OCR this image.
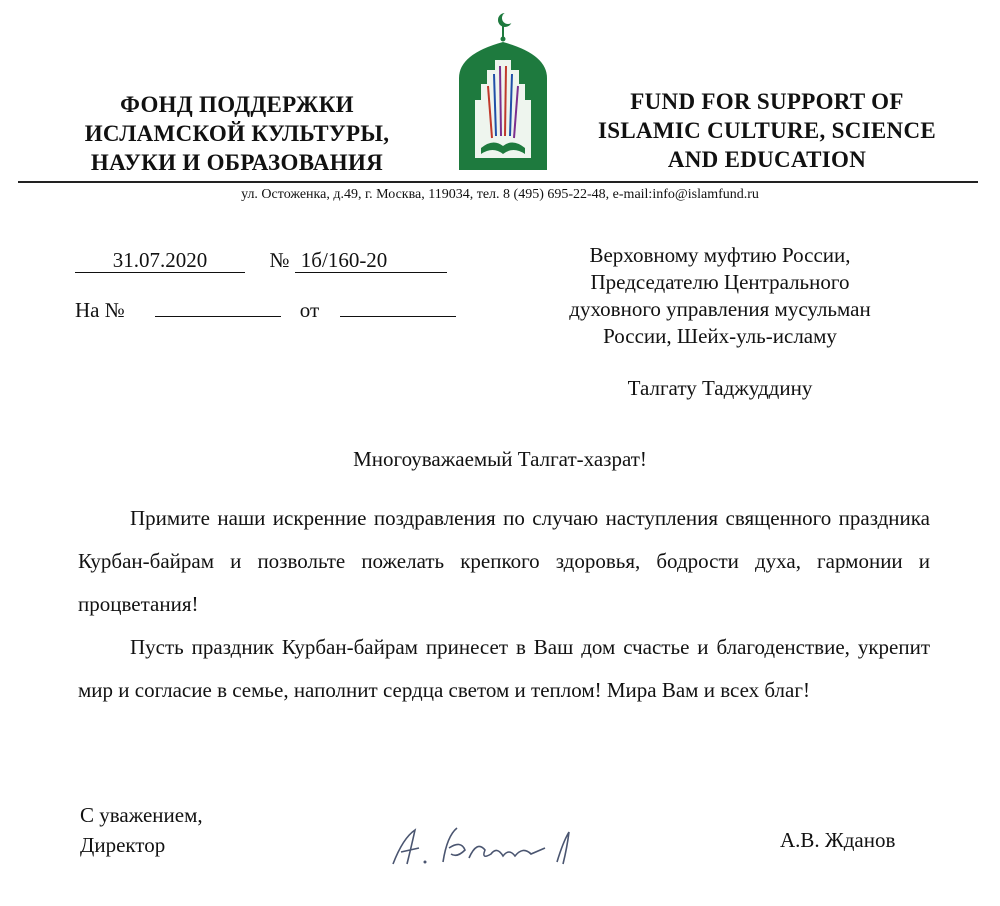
ФОНД ПОДДЕРЖКИ
ИСЛАМСКОЙ КУЛЬТУРЫ,
НАУКИ И ОБРАЗОВАНИЯ
FUND FOR SUPPORT OF
ISLAMIC CULTURE, SCIENCE
AND EDUCATION
ул. Остоженка, д.49, г. Москва, 119034, тел. 8 (495) 695-22-48, e-mail:info@islamfund.ru
31.07.2020	№ 1б/160-20
На №	от
Верховному муфтию России,
Председателю Центрального
духовного управления мусульман
России, Шейх-уль-исламу
Талгату Таджуддину
Многоуважаемый Талгат-хазрат!
Примите наши искренние поздравления по случаю наступления священного праздника Курбан-байрам и позвольте пожелать крепкого здоровья, бодрости духа, гармонии и процветания!
Пусть праздник Курбан-байрам принесет в Ваш дом счастье и благоденствие, укрепит мир и согласие в семье, наполнит сердца светом и теплом! Мира Вам и всех благ!
С уважением,
Директор	А.В. Жданов
